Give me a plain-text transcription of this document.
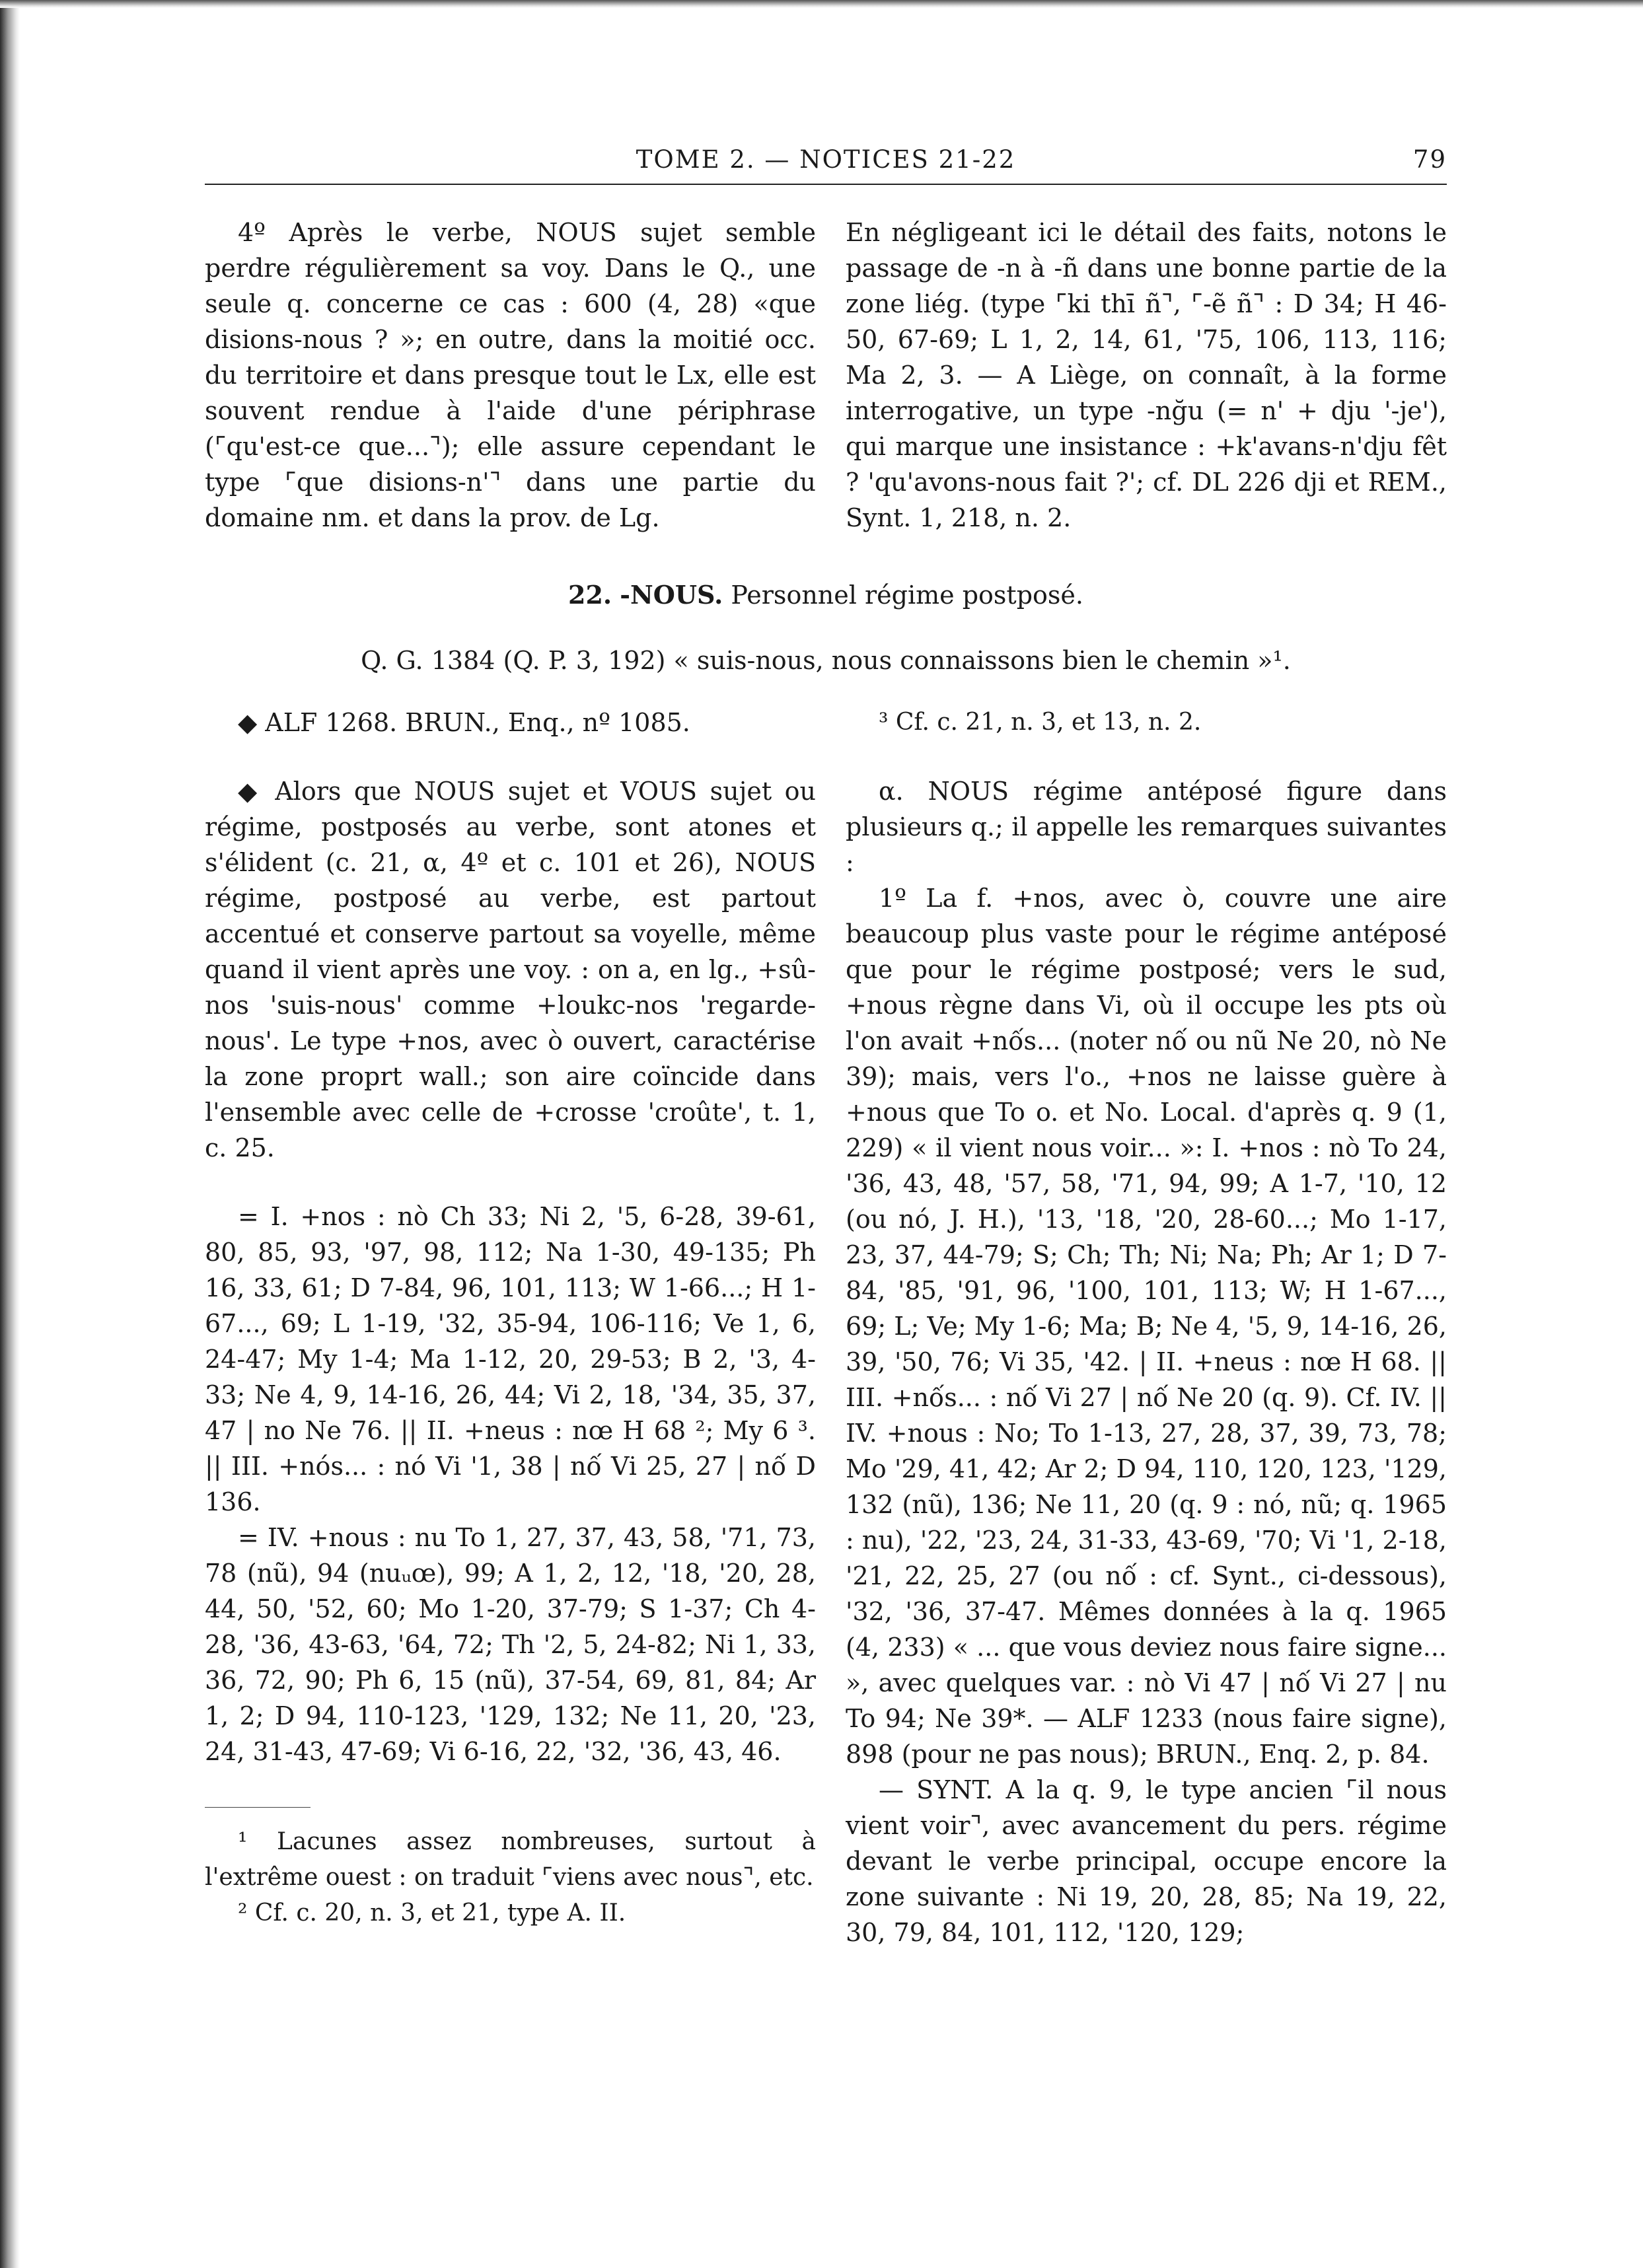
TOME 2. — NOTICES 21-22	79

4º Après le verbe, NOUS sujet semble perdre régulièrement sa voy. Dans le Q., une seule q. concerne ce cas : 600 (4, 28) «que disions-nous ? »; en outre, dans la moitié occ. du territoire et dans presque tout le Lx, elle est souvent rendue à l'aide d'une périphrase (⌜qu'est-ce que...⌝); elle assure cependant le type ⌜que disions-n'⌝ dans une partie du domaine nm. et dans la prov. de Lg.

En négligeant ici le détail des faits, notons le passage de -n à -ñ dans une bonne partie de la zone liég. (type ⌜ki thī ñ⌝, ⌜-ẽ ñ⌝ : D 34; H 46-50, 67-69; L 1, 2, 14, 61, '75, 106, 113, 116; Ma 2, 3. — A Liège, on connaît, à la forme interrogative, un type -nğu (= n' + dju '-je'), qui marque une insistance : +k'avans-n'dju fêt ? 'qu'avons-nous fait ?'; cf. DL 226 dji et REM., Synt. 1, 218, n. 2.

22. -NOUS. Personnel régime postposé.
Q. G. 1384 (Q. P. 3, 192) « suis-nous, nous connaissons bien le chemin »¹.

◆ ALF 1268. BRUN., Enq., nº 1085.

◆ Alors que NOUS sujet et VOUS sujet ou régime, postposés au verbe, sont atones et s'élident (c. 21, α, 4º et c. 101 et 26), NOUS régime, postposé au verbe, est partout accentué et conserve partout sa voyelle, même quand il vient après une voy. : on a, en lg., +sû-nos 'suis-nous' comme +loukc-nos 'regarde-nous'. Le type +nos, avec ò ouvert, caractérise la zone proprt wall.; son aire coïncide dans l'ensemble avec celle de +crosse 'croûte', t. 1, c. 25.

= I. +nos : nò Ch 33; Ni 2, '5, 6-28, 39-61, 80, 85, 93, '97, 98, 112; Na 1-30, 49-135; Ph 16, 33, 61; D 7-84, 96, 101, 113; W 1-66...; H 1-67..., 69; L 1-19, '32, 35-94, 106-116; Ve 1, 6, 24-47; My 1-4; Ma 1-12, 20, 29-53; B 2, '3, 4-33; Ne 4, 9, 14-16, 26, 44; Vi 2, 18, '34, 35, 37, 47 | no Ne 76. || II. +neus : nœ H 68 ²; My 6 ³. || III. +nós... : nó Vi '1, 38 | nố Vi 25, 27 | nố D 136.

= IV. +nous : nu To 1, 27, 37, 43, 58, '71, 73, 78 (nũ), 94 (nuᵤœ), 99; A 1, 2, 12, '18, '20, 28, 44, 50, '52, 60; Mo 1-20, 37-79; S 1-37; Ch 4-28, '36, 43-63, '64, 72; Th '2, 5, 24-82; Ni 1, 33, 36, 72, 90; Ph 6, 15 (nũ), 37-54, 69, 81, 84; Ar 1, 2; D 94, 110-123, '129, 132; Ne 11, 20, '23, 24, 31-43, 47-69; Vi 6-16, 22, '32, '36, 43, 46.

¹ Lacunes assez nombreuses, surtout à l'extrême ouest : on traduit ⌜viens avec nous⌝, etc.

² Cf. c. 20, n. 3, et 21, type A. II.

³ Cf. c. 21, n. 3, et 13, n. 2.

α. NOUS régime antéposé figure dans plusieurs q.; il appelle les remarques suivantes :

1º La f. +nos, avec ò, couvre une aire beaucoup plus vaste pour le régime antéposé que pour le régime postposé; vers le sud, +nous règne dans Vi, où il occupe les pts où l'on avait +nốs... (noter nố ou nũ Ne 20, nò Ne 39); mais, vers l'o., +nos ne laisse guère à +nous que To o. et No. Local. d'après q. 9 (1, 229) « il vient nous voir... »: I. +nos : nò To 24, '36, 43, 48, '57, 58, '71, 94, 99; A 1-7, '10, 12 (ou nó, J. H.), '13, '18, '20, 28-60...; Mo 1-17, 23, 37, 44-79; S; Ch; Th; Ni; Na; Ph; Ar 1; D 7-84, '85, '91, 96, '100, 101, 113; W; H 1-67..., 69; L; Ve; My 1-6; Ma; B; Ne 4, '5, 9, 14-16, 26, 39, '50, 76; Vi 35, '42. | II. +neus : nœ H 68. || III. +nốs... : nố Vi 27 | nố Ne 20 (q. 9). Cf. IV. || IV. +nous : No; To 1-13, 27, 28, 37, 39, 73, 78; Mo '29, 41, 42; Ar 2; D 94, 110, 120, 123, '129, 132 (nũ), 136; Ne 11, 20 (q. 9 : nó, nũ; q. 1965 : nu), '22, '23, 24, 31-33, 43-69, '70; Vi '1, 2-18, '21, 22, 25, 27 (ou nố : cf. Synt., ci-dessous), '32, '36, 37-47. Mêmes données à la q. 1965 (4, 233) « ... que vous deviez nous faire signe... », avec quelques var. : nò Vi 47 | nố Vi 27 | nu To 94; Ne 39*. — ALF 1233 (nous faire signe), 898 (pour ne pas nous); BRUN., Enq. 2, p. 84.

— SYNT. A la q. 9, le type ancien ⌜il nous vient voir⌝, avec avancement du pers. régime devant le verbe principal, occupe encore la zone suivante : Ni 19, 20, 28, 85; Na 19, 22, 30, 79, 84, 101, 112, '120, 129;
